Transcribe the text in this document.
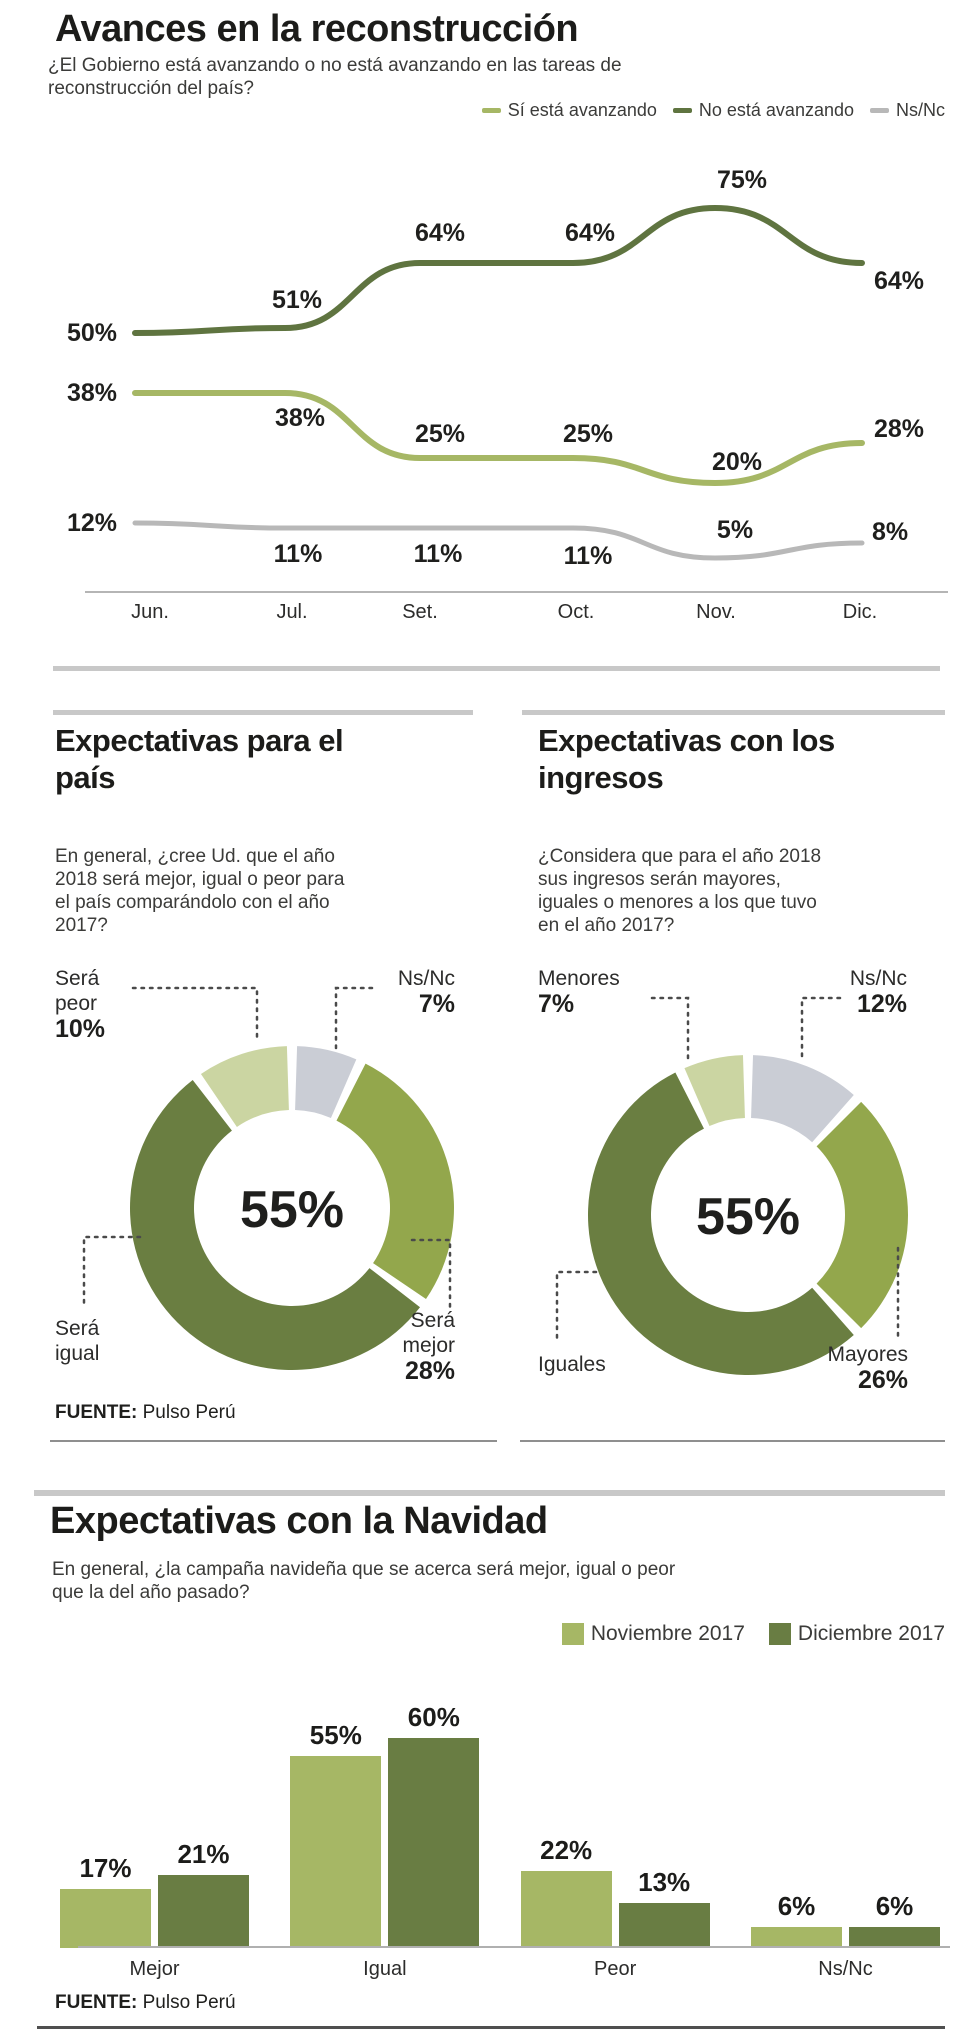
Avances en la reconstrucción
¿El Gobierno está avanzando o no está avanzando en las tareas de reconstrucción del país?
Sí está avanzando No está avanzando Ns/Nc
Jun.	Jul.	Set.	Oct.	Nov.	Dic.
38%
38%
25%	25%
20%
28%
50%
51%
64%	64%
75%
64%
12%
11%	11%	11%
5%	8%
Expectativas para el país
Expectativas con los ingresos
En general, ¿cree Ud. que el año 2018 será mejor, igual o peor para el país comparándolo con el año 2017?
¿Considera que para el año 2018 sus ingresos serán mayores, iguales o menores a los que tuvo en el año 2017?
Será peor
10%
Ns/Nc
7%
Será igual
Será mejor
28%
55%
Menores
7%
Ns/Nc
12%
Iguales	Mayores
26%
55%
FUENTE: Pulso Perú
Expectativas con la Navidad
En general, ¿la campaña navideña que se acerca será mejor, igual o peor que la del año pasado?
Noviembre 2017	Diciembre 2017
17% 21%
55%
60%
22%
13%
6% 6%
Mejor	Igual	Peor	Ns/Nc
FUENTE: Pulso Perú
